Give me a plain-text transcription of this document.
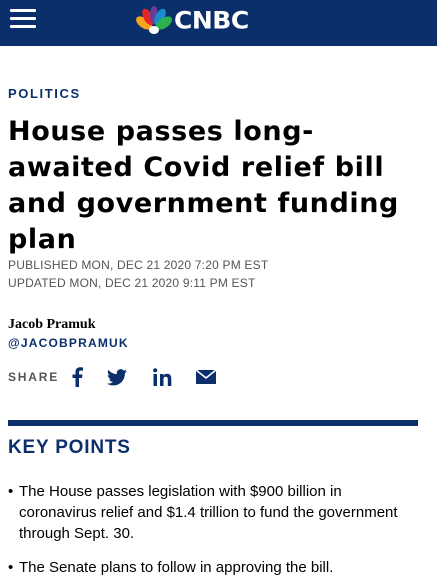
CNBC
POLITICS
House passes long-awaited Covid relief bill and government funding plan
PUBLISHED MON, DEC 21 2020 7:20 PM EST
UPDATED MON, DEC 21 2020 9:11 PM EST
Jacob Pramuk
@JACOBPRAMUK
SHARE
KEY POINTS
• The House passes legislation with $900 billion in coronavirus relief and $1.4 trillion to fund the government through Sept. 30.
• The Senate plans to follow in approving the bill.
